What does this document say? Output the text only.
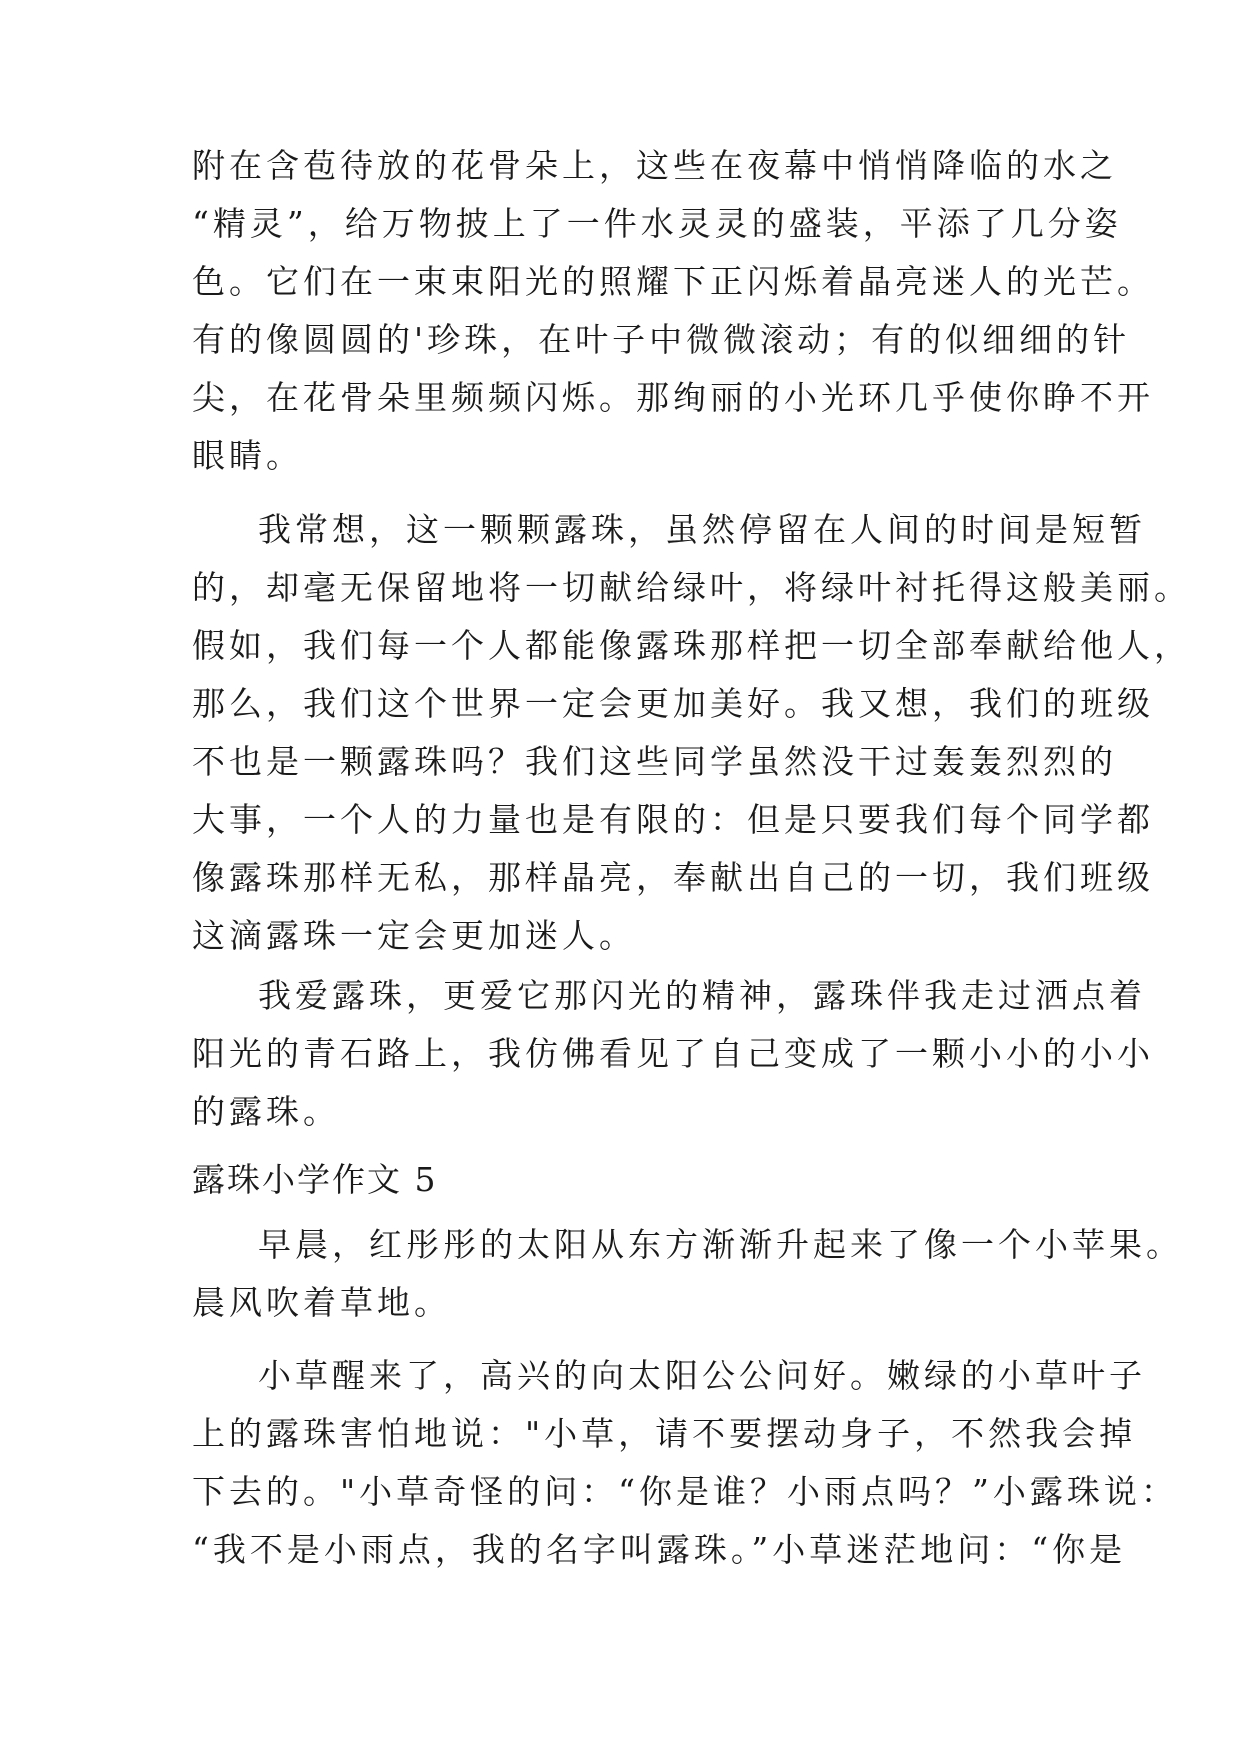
附在含苞待放的花骨朵上，这些在夜幕中悄悄降临的水之
“精灵”，给万物披上了一件水灵灵的盛装，平添了几分姿
色。它们在一束束阳光的照耀下正闪烁着晶亮迷人的光芒。
有的像圆圆的'珍珠，在叶子中微微滚动；有的似细细的针
尖，在花骨朵里频频闪烁。那绚丽的小光环几乎使你睁不开
眼睛。
我常想，这一颗颗露珠，虽然停留在人间的时间是短暂
的，却毫无保留地将一切献给绿叶，将绿叶衬托得这般美丽。
假如，我们每一个人都能像露珠那样把一切全部奉献给他人，
那么，我们这个世界一定会更加美好。我又想，我们的班级
不也是一颗露珠吗？我们这些同学虽然没干过轰轰烈烈的
大事，一个人的力量也是有限的：但是只要我们每个同学都
像露珠那样无私，那样晶亮，奉献出自己的一切，我们班级
这滴露珠一定会更加迷人。
我爱露珠，更爱它那闪光的精神，露珠伴我走过洒点着
阳光的青石路上，我仿佛看见了自己变成了一颗小小的小小
的露珠。
露珠小学作文 5
早晨，红彤彤的太阳从东方渐渐升起来了像一个小苹果。
晨风吹着草地。
小草醒来了，高兴的向太阳公公问好。嫩绿的小草叶子
上的露珠害怕地说："小草，请不要摆动身子，不然我会掉
下去的。"小草奇怪的问：“你是谁？小雨点吗？”小露珠说：
“我不是小雨点，我的名字叫露珠。”小草迷茫地问：“你是
